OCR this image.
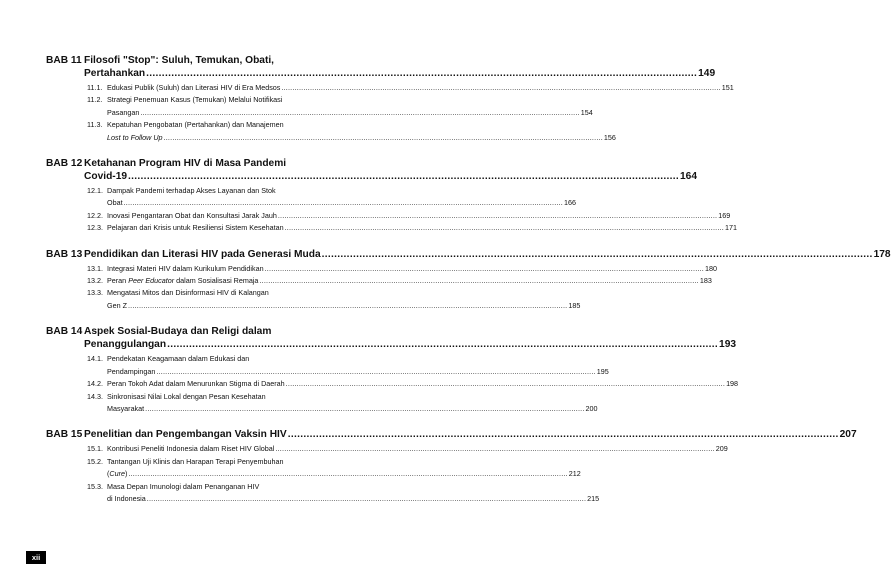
BAB 11 Filosofi "Stop": Suluh, Temukan, Obati,
Pertahankan .....	149
11.1. Edukasi Publik (Suluh) dan Literasi HIV di Era Medsos .....	151
11.2. Strategi Penemuan Kasus (Temukan) Melalui Notifikasi
Pasangan .....	154
11.3. Kepatuhan Pengobatan (Pertahankan) dan Manajemen
Lost to Follow Up .....	156
BAB 12 Ketahanan Program HIV di Masa Pandemi
Covid-19 .....	164
12.1. Dampak Pandemi terhadap Akses Layanan dan Stok
Obat .....	166
12.2. Inovasi Pengantaran Obat dan Konsultasi Jarak Jauh .....	169
12.3. Pelajaran dari Krisis untuk Resiliensi Sistem Kesehatan .....	171
BAB 13 Pendidikan dan Literasi HIV pada Generasi Muda .....	178
13.1. Integrasi Materi HIV dalam Kurikulum Pendidikan .....	180
13.2. Peran Peer Educator dalam Sosialisasi Remaja .....	183
13.3. Mengatasi Mitos dan Disinformasi HIV di Kalangan
Gen Z .....	185
BAB 14 Aspek Sosial-Budaya dan Religi dalam
Penanggulangan .....	193
14.1. Pendekatan Keagamaan dalam Edukasi dan
Pendampingan .....	195
14.2. Peran Tokoh Adat dalam Menurunkan Stigma di Daerah .....	198
14.3. Sinkronisasi Nilai Lokal dengan Pesan Kesehatan
Masyarakat .....	200
BAB 15 Penelitian dan Pengembangan Vaksin HIV .....	207
15.1. Kontribusi Peneliti Indonesia dalam Riset HIV Global .....	209
15.2. Tantangan Uji Klinis dan Harapan Terapi Penyembuhan
(Cure) .....	212
15.3. Masa Depan Imunologi dalam Penanganan HIV
di Indonesia .....	215
xii
